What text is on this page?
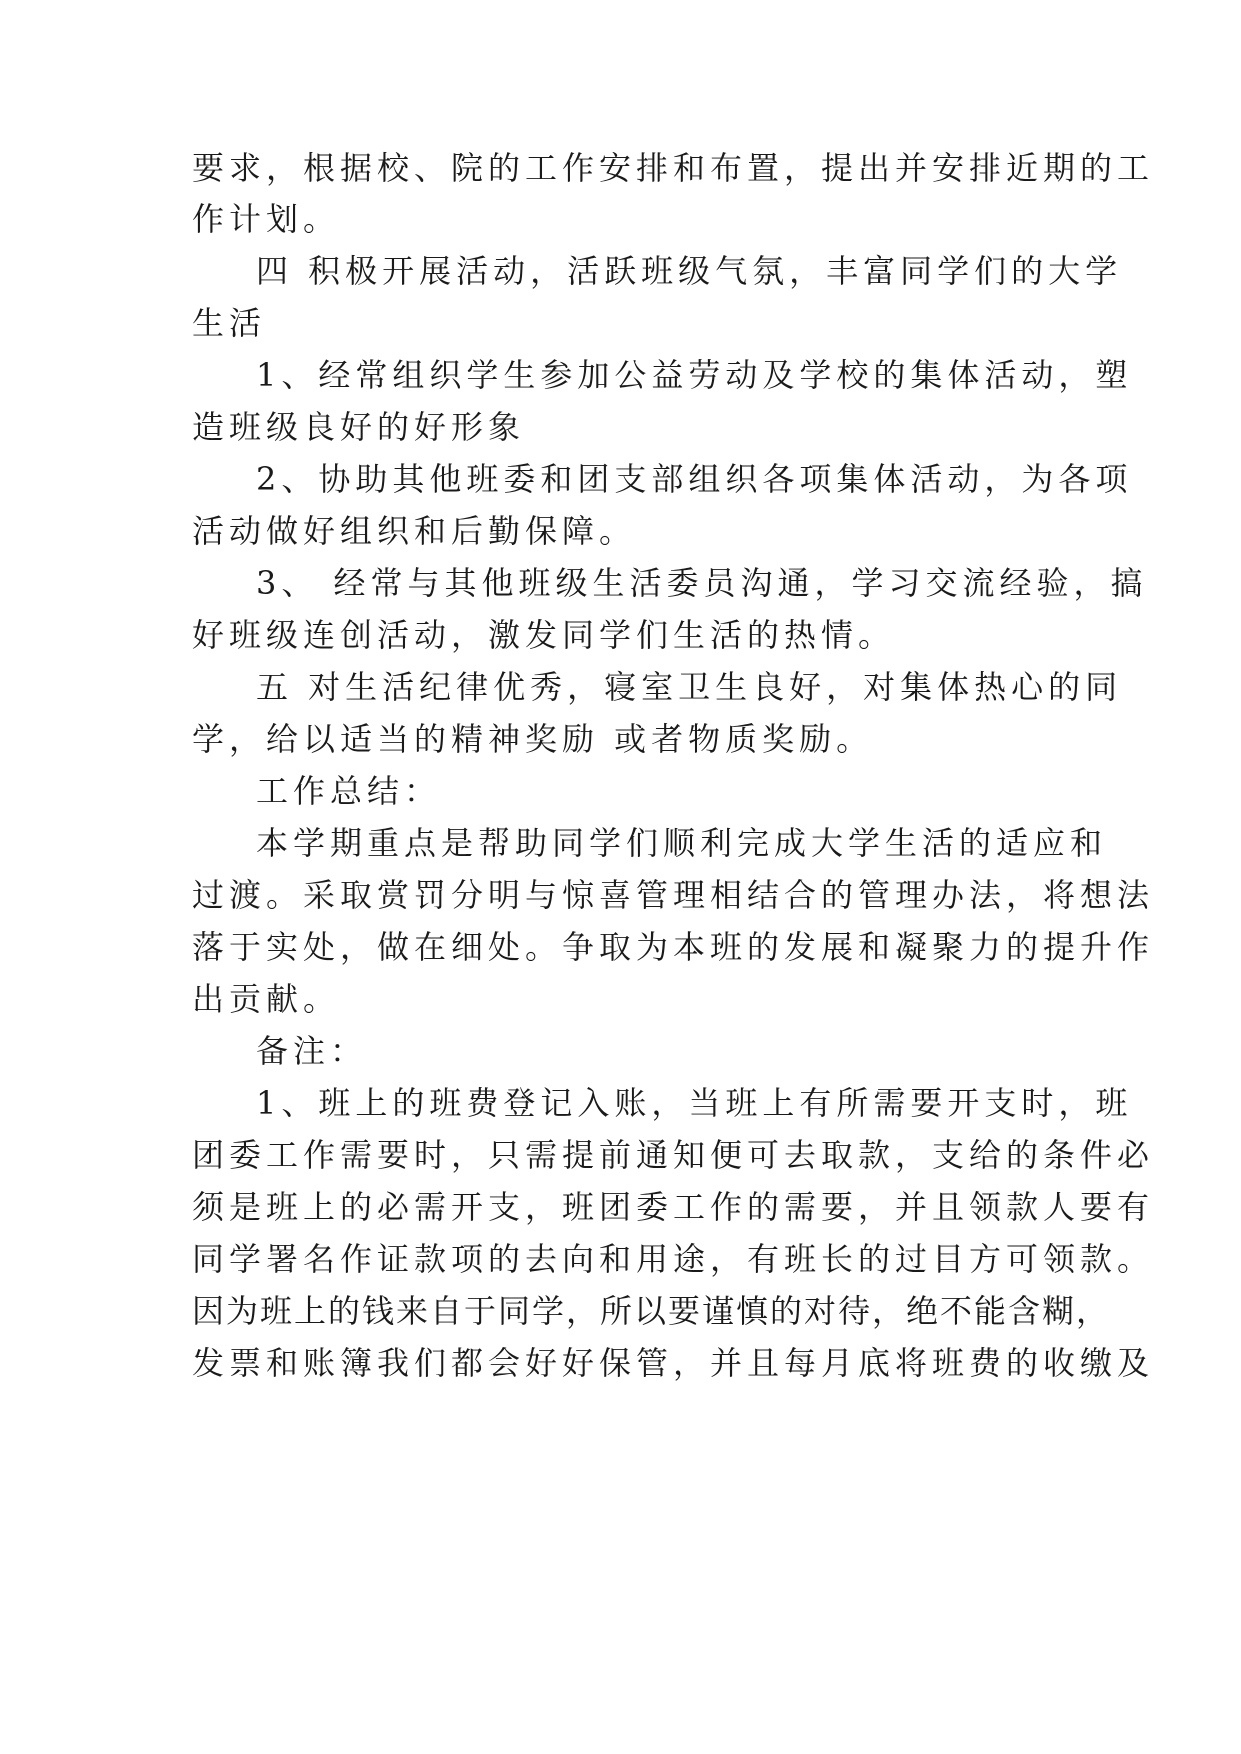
要求，根据校、院的工作安排和布置，提出并安排近期的工

作计划。

四 积极开展活动，活跃班级气氛，丰富同学们的大学

生活

1、经常组织学生参加公益劳动及学校的集体活动，塑

造班级良好的好形象

2、协助其他班委和团支部组织各项集体活动，为各项

活动做好组织和后勤保障。

3、 经常与其他班级生活委员沟通，学习交流经验，搞

好班级连创活动，激发同学们生活的热情。

五 对生活纪律优秀，寝室卫生良好，对集体热心的同

学，给以适当的精神奖励 或者物质奖励。

工作总结：

本学期重点是帮助同学们顺利完成大学生活的适应和

过渡。采取赏罚分明与惊喜管理相结合的管理办法，将想法

落于实处，做在细处。争取为本班的发展和凝聚力的提升作

出贡献。

备注：

1、班上的班费登记入账，当班上有所需要开支时，班

团委工作需要时，只需提前通知便可去取款，支给的条件必

须是班上的必需开支，班团委工作的需要，并且领款人要有

同学署名作证款项的去向和用途，有班长的过目方可领款。

因为班上的钱来自于同学，所以要谨慎的对待，绝不能含糊，

发票和账簿我们都会好好保管，并且每月底将班费的收缴及
